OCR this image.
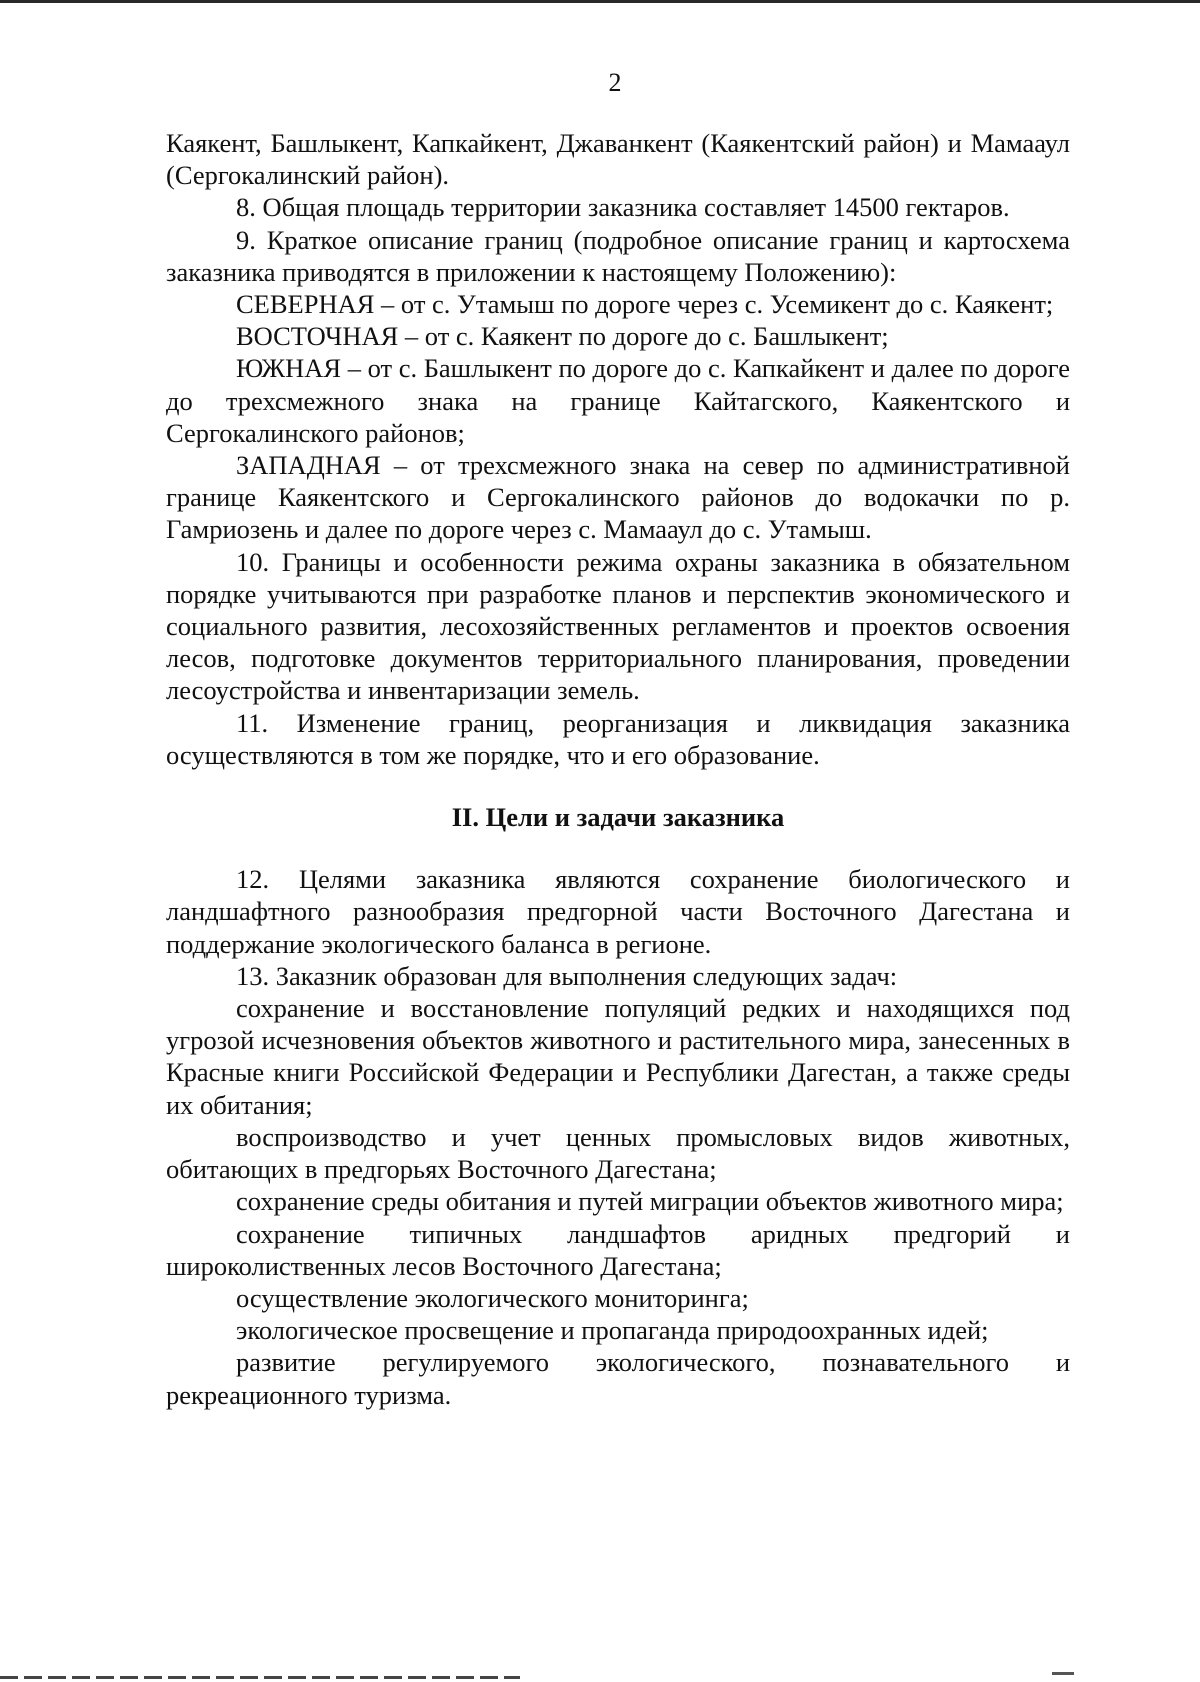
2

Каякент, Башлыкент, Капкайкент, Джаванкент (Каякентский район) и Мамааул (Сергокалинский район).

8. Общая площадь территории заказника составляет 14500 гектаров.

9. Краткое описание границ (подробное описание границ и картосхема заказника приводятся в приложении к настоящему Положению):

СЕВЕРНАЯ – от с. Утамыш по дороге через с. Усемикент до с. Каякент;

ВОСТОЧНАЯ – от с. Каякент по дороге до с. Башлыкент;

ЮЖНАЯ – от с. Башлыкент по дороге до с. Капкайкент и далее по дороге до трехсмежного знака на границе Кайтагского, Каякентского и Сергокалинского районов;

ЗАПАДНАЯ – от трехсмежного знака на север по административной границе Каякентского и Сергокалинского районов до водокачки по р. Гамриозень и далее по дороге через с. Мамааул до с. Утамыш.

10. Границы и особенности режима охраны заказника в обязательном порядке учитываются при разработке планов и перспектив экономического и социального развития, лесохозяйственных регламентов и проектов освоения лесов, подготовке документов территориального планирования, проведении лесоустройства и инвентаризации земель.

11. Изменение границ, реорганизация и ликвидация заказника осуществляются в том же порядке, что и его образование.

II. Цели и задачи заказника

12. Целями заказника являются сохранение биологического и ландшафтного разнообразия предгорной части Восточного Дагестана и поддержание экологического баланса в регионе.

13. Заказник образован для выполнения следующих задач:

сохранение и восстановление популяций редких и находящихся под угрозой исчезновения объектов животного и растительного мира, занесенных в Красные книги Российской Федерации и Республики Дагестан, а также среды их обитания;

воспроизводство и учет ценных промысловых видов животных, обитающих в предгорьях Восточного Дагестана;

сохранение среды обитания и путей миграции объектов животного мира;

сохранение типичных ландшафтов аридных предгорий и широколиственных лесов Восточного Дагестана;

осуществление экологического мониторинга;

экологическое просвещение и пропаганда природоохранных идей;

развитие регулируемого экологического, познавательного и рекреационного туризма.
